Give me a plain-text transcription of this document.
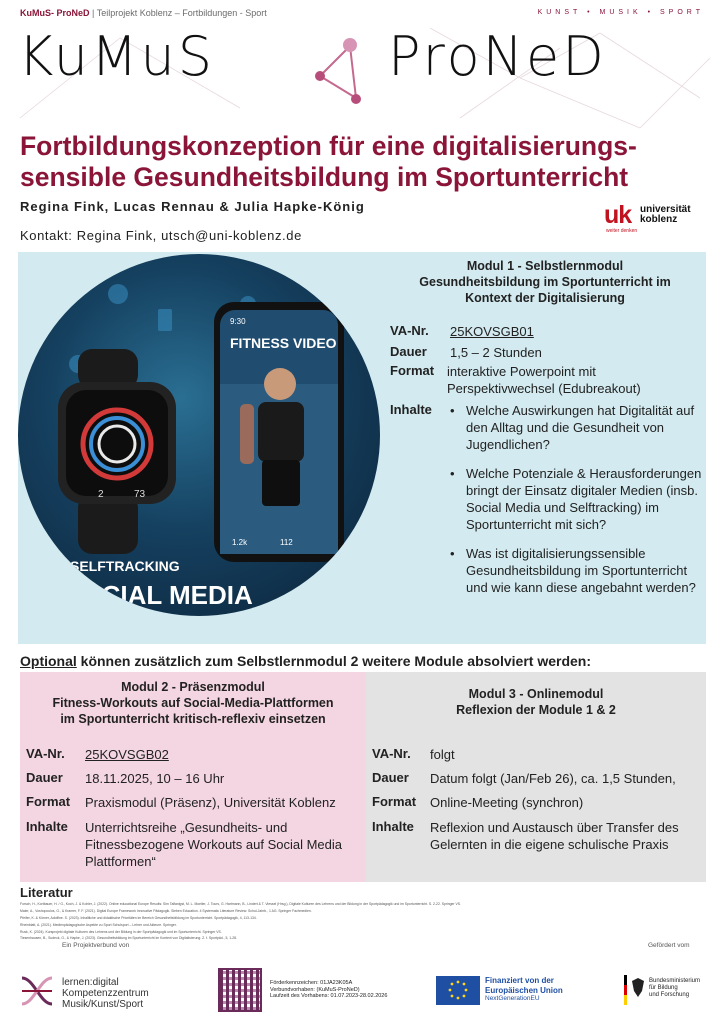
KuMuS- ProNeD | Teilprojekt Koblenz – Fortbildungen - Sport	KUNST • MUSIK • SPORT
KuMuS	ProNeD
Fortbildungskonzeption für eine digitalisierungs-
sensible Gesundheitsbildung im Sportunterricht
Regina Fink, Lucas Rennau & Julia Hapke-König
Kontakt: Regina Fink, utsch@uni-koblenz.de
uk universität
koblenz
weiter denken
2	73
9:30
FITNESS VIDEO
1.2k	112
SELFTRACKING
SOCIAL MEDIA
Modul 1 - Selbstlernmodul
Gesundheitsbildung im Sportunterricht im
Kontext der Digitalisierung
VA-Nr. 25KOVSGB01
Dauer 1,5 – 2 Stunden
Format interaktive Powerpoint mit Perspektivwechsel (Edubreakout)
Inhalte	• Welche Auswirkungen hat Digitalität auf den Alltag und die Gesundheit von Jugendlichen?
• Welche Potenziale & Herausforderungen bringt der Einsatz digitaler Medien (insb. Social Media und Selftracking) im Sportunterricht mit sich?
• Was ist digitalisierungssensible Gesundheitsbildung im Sportunterricht und wie kann diese angebahnt werden?
Optional können zusätzlich zum Selbstlernmodul 2 weitere Module absolviert werden:
Modul 2 - Präsenzmodul
Fitness-Workouts auf Social-Media-Plattformen
im Sportunterricht kritisch-reflexiv einsetzen
VA-Nr. 25KOVSGB02
Dauer 18.11.2025, 10 – 16 Uhr
Format Praxismodul (Präsenz), Universität Koblenz
Inhalte Unterrichtsreihe „Gesundheits- und Fitnessbezogene Workouts auf Social Media Plattformen“
Modul 3 - Onlinemodul
Reflexion der Module 1 & 2
VA-Nr. folgt
Dauer Datum folgt (Jan/Feb 26), ca. 1,5 Stunden,
Format Online-Meeting (synchron)
Inhalte Reflexion und Austausch über Transfer des Gelernten in die eigene schulische Praxis
Literatur
Forsch, H., Kortbauer, H. / G., Koch, J. & Kohler, J. (2022). Online educational Europe Results: Sim Talfanigst, M. L. Moeller, J. Tours, G. Hartmann, B., Lindert & T. Viessel (Hrsg.), Digitale Kulturen des Lehrens und der Bildung in der Sportpädagogik und im Sportunterricht. S. 2-22. Springer VS.
Maier, A., Voshopoulos, G., & Kramer, F. F. (2021). Digital Europe Framework Innovative Pädagogik. Sieben Education. 4 Systematic Literature Review. Schul-Jahrb., 1 AG. Springer Fachmedien.
Pfeifer, K. & Körner, Adolfine. S. (2023). Inhaltliche und didaktische Prioritäten im Bereich Gesundheitsbildung im Sportunterricht. Sportpädagogik, 4, 113-134.
Rheinblatt, A. (2021). Medienpädagogische Aspekte zu Sport Schulsport – Lehrer und Akteure. Springer.
Rusk, K. (2024). Kursprojekt digitale Kulturen des Lehrens und der Bildung in der Sportpädagogik und im Sportunterricht. Springer VS.
Tiesenhausen, B., Sudeck, G., & Hapke, J. (2023). Gesundheitsbildung im Sportunterricht im Kontext von Digitalisierung. Z. f. Sportpäd., 5, 1-28.
Ein Projektverbund von	Gefördert vom
lernen:digital
Kompetenzzentrum
Musik/Kunst/Sport
Förderkennzeichen: 01JA23K05A
Verbundvorhaben: (KuMuS-ProNeD)
Laufzeit des Vorhabens: 01.07.2023-28.02.2026
Finanziert von der
Europäischen Union
NextGenerationEU
Bundesministerium
für Bildung
und Forschung
